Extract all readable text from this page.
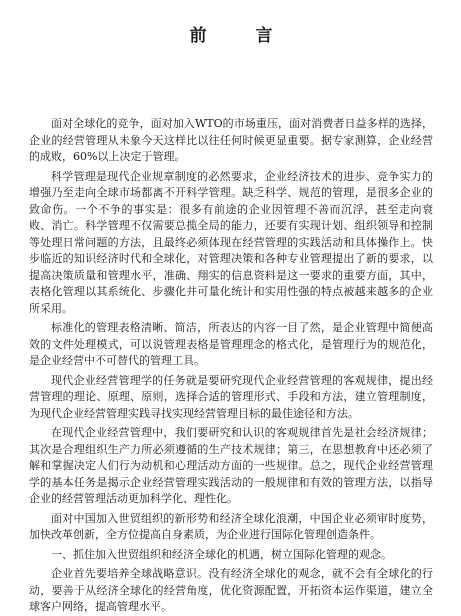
前　言

面对全球化的竞争，面对加入WTO的市场重压，面对消费者日益多样的选择，企业的经营管理从未象今天这样比以往任何时候更显重要。据专家测算，企业经营的成败，60%以上决定于管理。

科学管理是现代企业规章制度的必然要求，企业经济技术的进步、竞争实力的增强乃至走向全球市场都离不开科学管理。缺乏科学、规范的管理，是很多企业的致命伤。一个不争的事实是：很多有前途的企业因管理不善而沉浮，甚至走向衰败、消亡。科学管理不仅需要总揽全局的能力，还要有实现计划、组织领导和控制等处理日常问题的方法，且最终必须体现在经营管理的实践活动和具体操作上。快步临近的知识经济时代和全球化，对管理决策和各种专业管理提出了新的要求，以提高决策质量和管理水平，准确、翔实的信息资料是这一要求的重要方面，其中，表格化管理以其系统化、步骤化并可量化统计和实用性强的特点被越来越多的企业所采用。

标准化的管理表格清晰、简洁，所表达的内容一目了然，是企业管理中简便高效的文件处理模式，可以说管理表格是管理理念的格式化，是管理行为的规范化，是企业经营中不可替代的管理工具。

现代企业经营管理学的任务就是要研究现代企业经营管理的客观规律，提出经营管理的理论、原理、原则，选择合适的管理形式、手段和方法，建立管理制度，为现代企业经营管理实践寻找实现经营管理目标的最佳途径和方法。

在现代企业经营管理中，我们要研究和认识的客观规律首先是社会经济规律；其次是合理组织生产力所必须遵循的生产技术规律；第三，在思想教育中还必须了解和掌握决定人们行为动机和心理活动方面的一些规律。总之，现代企业经营管理学的基本任务是揭示企业经营管理实践活动的一般规律和有效的管理方法，以指导企业的经营管理活动更加科学化、理性化。

面对中国加入世贸组织的新形势和经济全球化浪潮，中国企业必须审时度势，加快改革创新，全方位提高自身素质，为企业进行国际化管理创造条件。

一、抓住加入世贸组织和经济全球化的机遇，树立国际化管理的观念。

企业首先要培养全球战略意识。没有经济全球化的观念，就不会有全球化的行动，要善于从经济全球化的经营角度，优化资源配置，开拓资本运作渠道，建立全球客户网络，提高管理水平。
